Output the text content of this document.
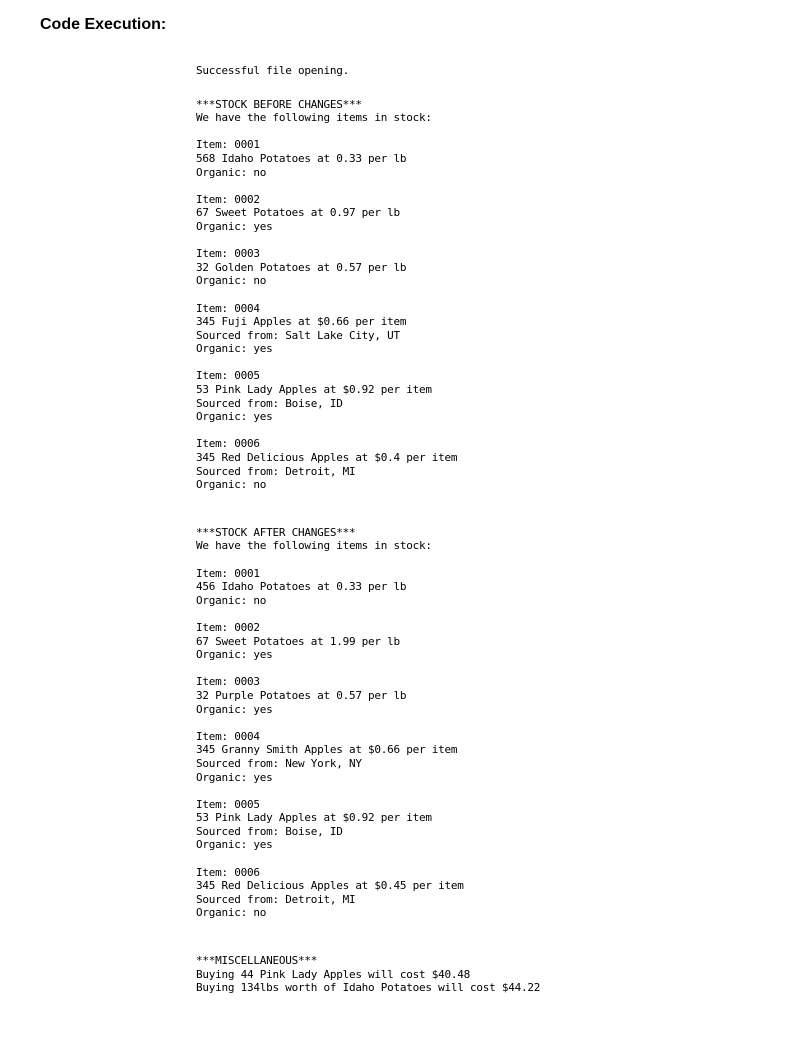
Code Execution:
Successful file opening.
***STOCK BEFORE CHANGES***
We have the following items in stock:
Item: 0001
568 Idaho Potatoes at 0.33 per lb
Organic: no
Item: 0002
67 Sweet Potatoes at 0.97 per lb
Organic: yes
Item: 0003
32 Golden Potatoes at 0.57 per lb
Organic: no
Item: 0004
345 Fuji Apples at $0.66 per item
Sourced from: Salt Lake City, UT
Organic: yes
Item: 0005
53 Pink Lady Apples at $0.92 per item
Sourced from: Boise, ID
Organic: yes
Item: 0006
345 Red Delicious Apples at $0.4 per item
Sourced from: Detroit, MI
Organic: no
***STOCK AFTER CHANGES***
We have the following items in stock:
Item: 0001
456 Idaho Potatoes at 0.33 per lb
Organic: no
Item: 0002
67 Sweet Potatoes at 1.99 per lb
Organic: yes
Item: 0003
32 Purple Potatoes at 0.57 per lb
Organic: yes
Item: 0004
345 Granny Smith Apples at $0.66 per item
Sourced from: New York, NY
Organic: yes
Item: 0005
53 Pink Lady Apples at $0.92 per item
Sourced from: Boise, ID
Organic: yes
Item: 0006
345 Red Delicious Apples at $0.45 per item
Sourced from: Detroit, MI
Organic: no
***MISCELLANEOUS***
Buying 44 Pink Lady Apples will cost $40.48
Buying 134lbs worth of Idaho Potatoes will cost $44.22
